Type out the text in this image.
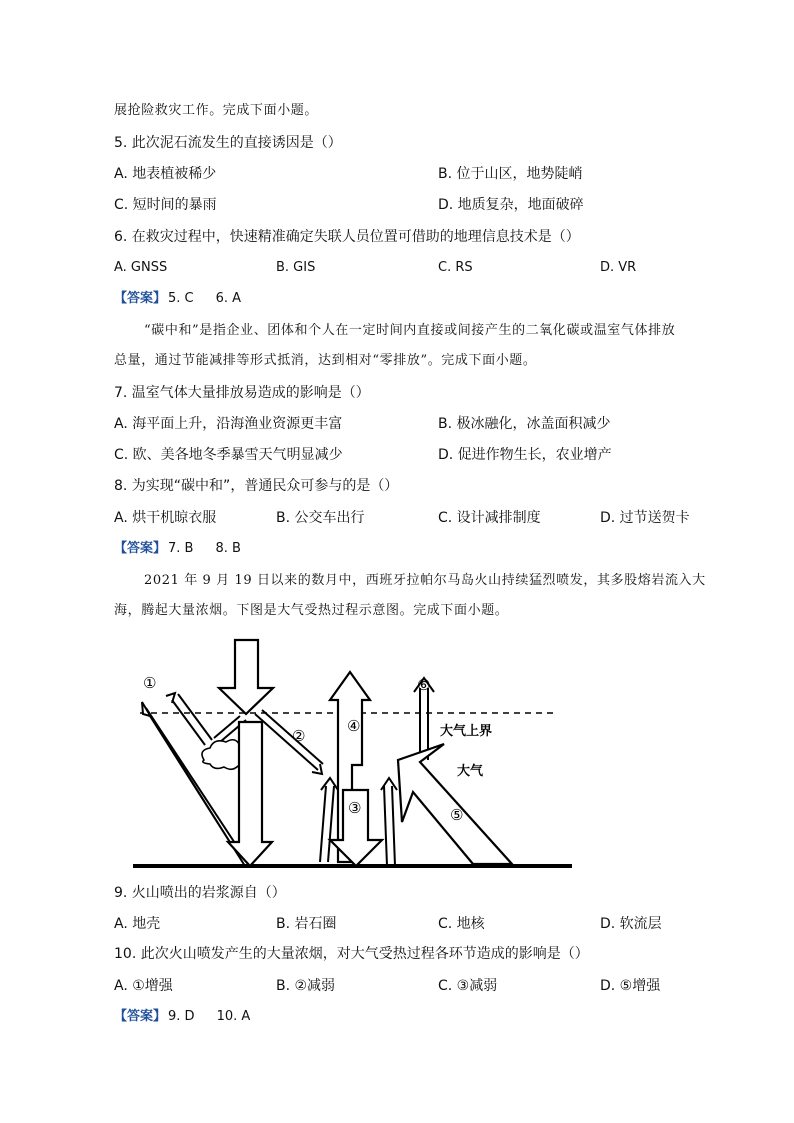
展抢险救灾工作。完成下面小题。
5. 此次泥石流发生的直接诱因是（）
A. 地表植被稀少	B. 位于山区，地势陡峭
C. 短时间的暴雨	D. 地质复杂，地面破碎
6. 在救灾过程中，快速精准确定失联人员位置可借助的地理信息技术是（）
A. GNSS	B. GIS	C. RS	D. VR
【答案】 5. C 6. A
“碳中和”是指企业、团体和个人在一定时间内直接或间接产生的二氧化碳或温室气体排放
总量，通过节能减排等形式抵消，达到相对“零排放”。完成下面小题。
7. 温室气体大量排放易造成的影响是（）
A. 海平面上升，沿海渔业资源更丰富	B. 极冰融化，冰盖面积减少
C. 欧、美各地冬季暴雪天气明显减少	D. 促进作物生长，农业增产
8. 为实现“碳中和”，普通民众可参与的是（）
A. 烘干机晾衣服	B. 公交车出行	C. 设计减排制度	D. 过节送贺卡
【答案】 7. B 8. B
2021 年 9 月 19 日以来的数月中，西班牙拉帕尔马岛火山持续猛烈喷发，其多股熔岩流入大
海，腾起大量浓烟。下图是大气受热过程示意图。完成下面小题。
①
②
③
④
⑤
⑥
大气上界
大气
9. 火山喷出的岩浆源自（）
A. 地壳	B. 岩石圈	C. 地核	D. 软流层
10. 此次火山喷发产生的大量浓烟，对大气受热过程各环节造成的影响是（）
A. ①增强	B. ②减弱	C. ③减弱	D. ⑤增强
【答案】 9. D 10. A
